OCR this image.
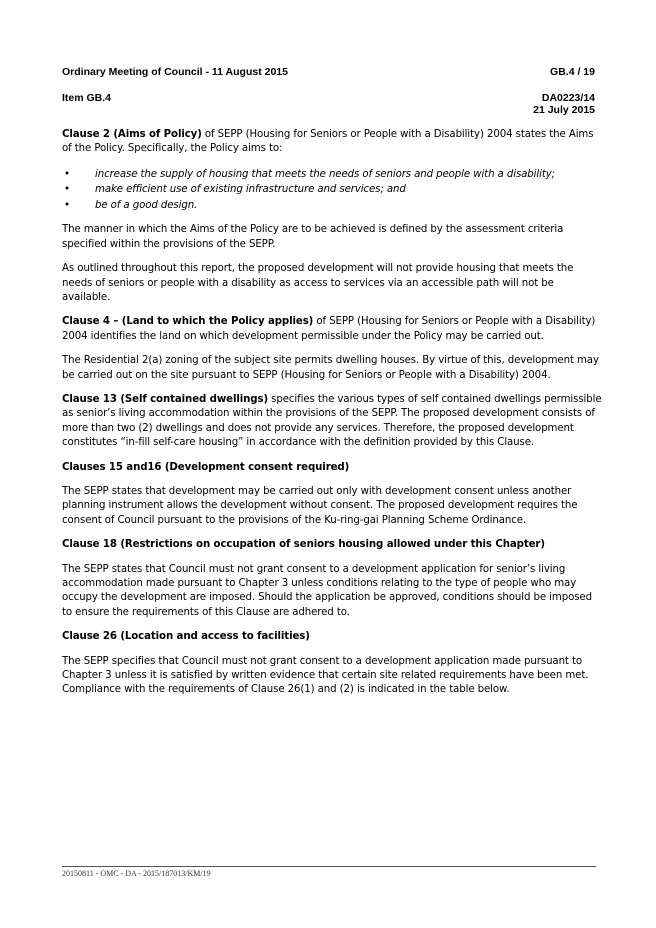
Ordinary Meeting of Council - 11 August 2015	GB.4 / 19
Item GB.4	DA0223/14
21 July 2015

Clause 2 (Aims of Policy) of SEPP (Housing for Seniors or People with a Disability) 2004 states the Aims of the Policy. Specifically, the Policy aims to:

• increase the supply of housing that meets the needs of seniors and people with a disability;
• make efficient use of existing infrastructure and services; and
• be of a good design.

The manner in which the Aims of the Policy are to be achieved is defined by the assessment criteria specified within the provisions of the SEPP.

As outlined throughout this report, the proposed development will not provide housing that meets the needs of seniors or people with a disability as access to services via an accessible path will not be available.

Clause 4 – (Land to which the Policy applies) of SEPP (Housing for Seniors or People with a Disability) 2004 identifies the land on which development permissible under the Policy may be carried out.

The Residential 2(a) zoning of the subject site permits dwelling houses. By virtue of this, development may be carried out on the site pursuant to SEPP (Housing for Seniors or People with a Disability) 2004.

Clause 13 (Self contained dwellings) specifies the various types of self contained dwellings permissible as senior’s living accommodation within the provisions of the SEPP. The proposed development consists of more than two (2) dwellings and does not provide any services. Therefore, the proposed development constitutes “in-fill self-care housing” in accordance with the definition provided by this Clause.

Clauses 15 and16 (Development consent required)

The SEPP states that development may be carried out only with development consent unless another planning instrument allows the development without consent. The proposed development requires the consent of Council pursuant to the provisions of the Ku-ring-gai Planning Scheme Ordinance.

Clause 18 (Restrictions on occupation of seniors housing allowed under this Chapter)

The SEPP states that Council must not grant consent to a development application for senior’s living accommodation made pursuant to Chapter 3 unless conditions relating to the type of people who may occupy the development are imposed. Should the application be approved, conditions should be imposed to ensure the requirements of this Clause are adhered to.

Clause 26 (Location and access to facilities)

The SEPP specifies that Council must not grant consent to a development application made pursuant to Chapter 3 unless it is satisfied by written evidence that certain site related requirements have been met. Compliance with the requirements of Clause 26(1) and (2) is indicated in the table below.

20150811 - OMC - DA - 2015/187013/KM/19
